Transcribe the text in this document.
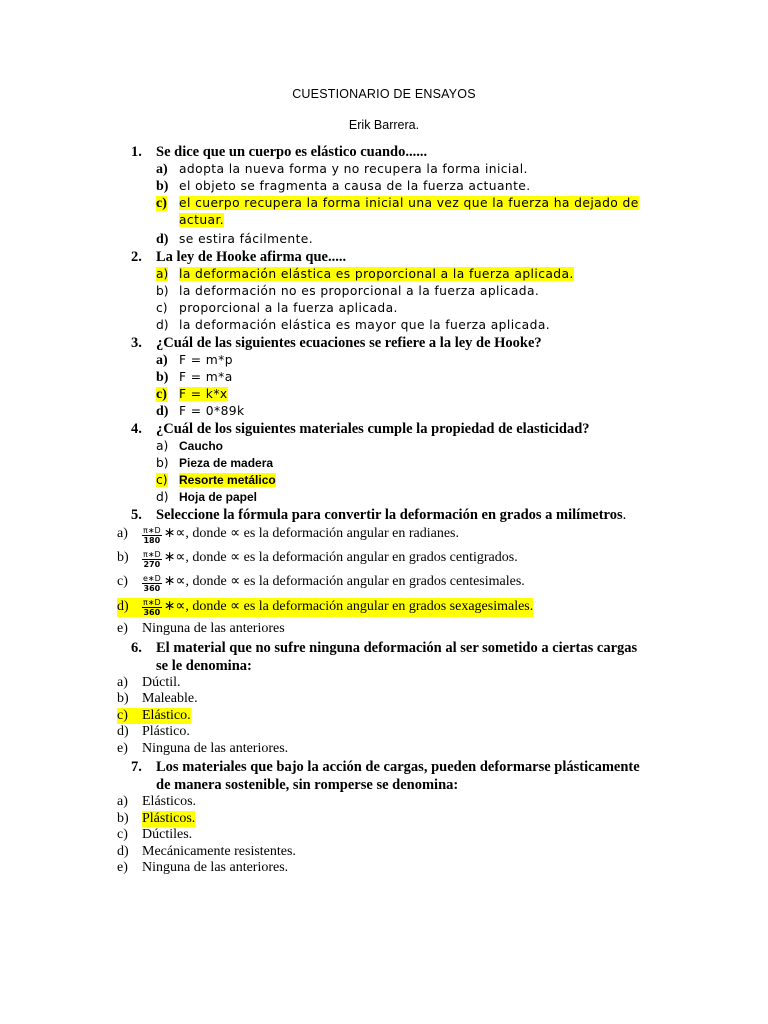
CUESTIONARIO DE ENSAYOS
Erik Barrera.
1. Se dice que un cuerpo es elástico cuando......
a) adopta la nueva forma y no recupera la forma inicial.
b) el objeto se fragmenta a causa de la fuerza actuante.
c) el cuerpo recupera la forma inicial una vez que la fuerza ha dejado de actuar.
d) se estira fácilmente.
2. La ley de Hooke afirma que.....
a) la deformación elástica es proporcional a la fuerza aplicada.
b) la deformación no es proporcional a la fuerza aplicada.
c) proporcional a la fuerza aplicada.
d) la deformación elástica es mayor que la fuerza aplicada.
3. ¿Cuál de las siguientes ecuaciones se refiere a la ley de Hooke?
a) F = m*p
b) F = m*a
c) F = k*x
d) F = 0*89k
4. ¿Cuál de los siguientes materiales cumple la propiedad de elasticidad?
a) Caucho
b) Pieza de madera
c) Resorte metálico
d) Hoja de papel
5. Seleccione la fórmula para convertir la deformación en grados a milímetros.
a)	$\frac{\pi∗D}{180}$ ∗∝, donde ∝ es la deformación angular en radianes.
b)	$\frac{\pi∗D}{270}$ ∗∝, donde ∝ es la deformación angular en grados centigrados.
c)	$\frac{e∗D}{360}$ ∗∝, donde ∝ es la deformación angular en grados centesimales.
d)	$\frac{\pi∗D}{360}$ ∗∝, donde ∝ es la deformación angular en grados sexagesimales.
e)	Ninguna de las anteriores
6. El material que no sufre ninguna deformación al ser sometido a ciertas cargas se le denomina:
a)	Dúctil.
b) Maleable.
c)	Elástico.
d) Plástico.
e)	Ninguna de las anteriores.
7. Los materiales que bajo la acción de cargas, pueden deformarse plásticamente de manera sostenible, sin romperse se denomina:
a)	Elásticos.
b) Plásticos.
c)	Dúctiles.
d) Mecánicamente resistentes.
e)	Ninguna de las anteriores.
